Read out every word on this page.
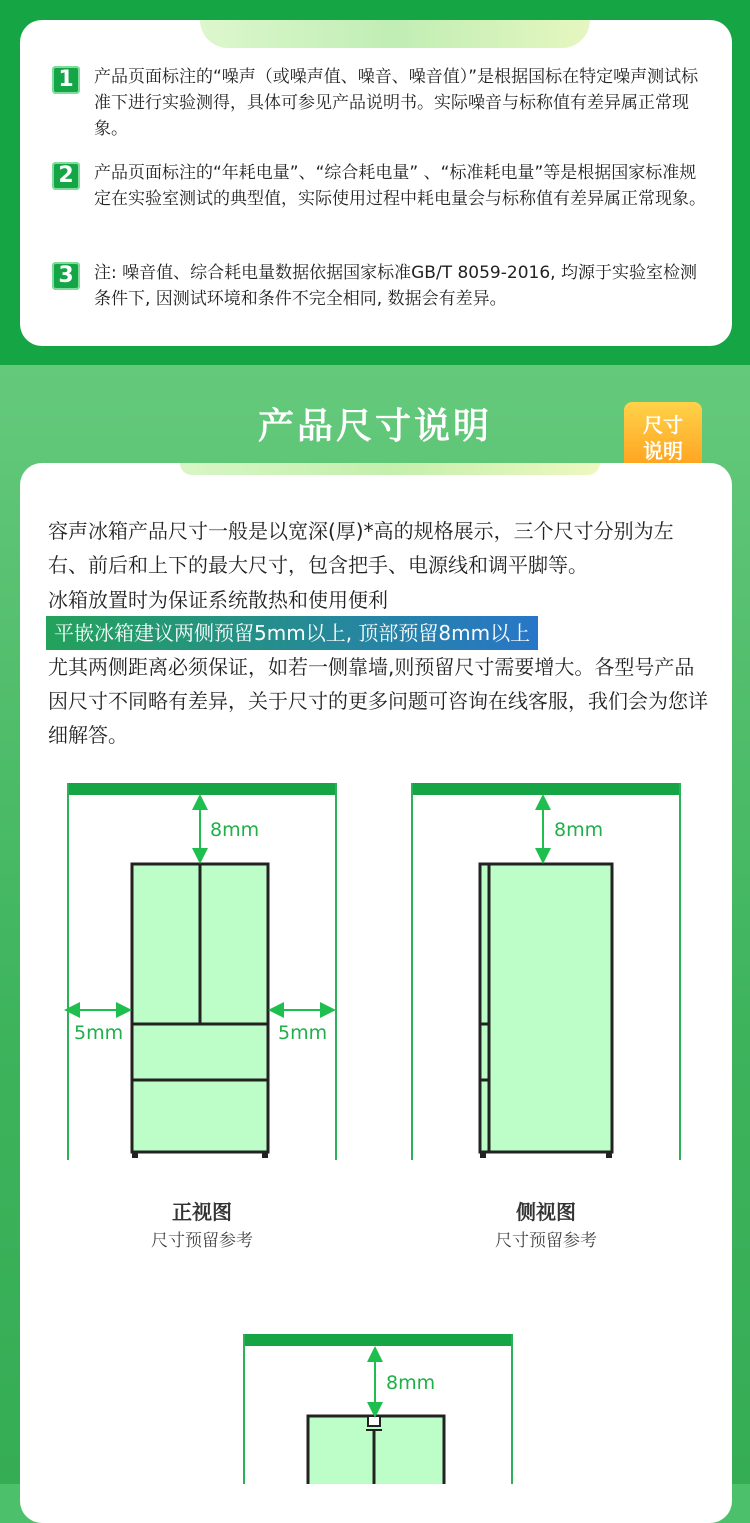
1	产品页面标注的“噪声（或噪声值、噪音、噪音值）”是根据国标在特定噪声测试标准下进行实验测得，具体可参见产品说明书。实际噪音与标称值有差异属正常现象。
2	产品页面标注的“年耗电量”、“综合耗电量” 、“标准耗电量”等是根据国家标准规定在实验室测试的典型值，实际使用过程中耗电量会与标称值有差异属正常现象。
3	注: 噪音值、综合耗电量数据依据国家标准GB/T 8059-2016, 均源于实验室检测条件下, 因测试环境和条件不完全相同, 数据会有差异。
产品尺寸说明	尺寸
说明
容声冰箱产品尺寸一般是以宽深(厚)*高的规格展示，三个尺寸分别为左右、前后和上下的最大尺寸，包含把手、电源线和调平脚等。
冰箱放置时为保证系统散热和使用便利
平嵌冰箱建议两侧预留5mm以上, 顶部预留8mm以上
尤其两侧距离必须保证，如若一侧靠墙,则预留尺寸需要增大。各型号产品因尺寸不同略有差异，关于尺寸的更多问题可咨询在线客服，我们会为您详细解答。
8mm
5mm	5mm
正视图
尺寸预留参考
8mm
侧视图
尺寸预留参考
8mm
